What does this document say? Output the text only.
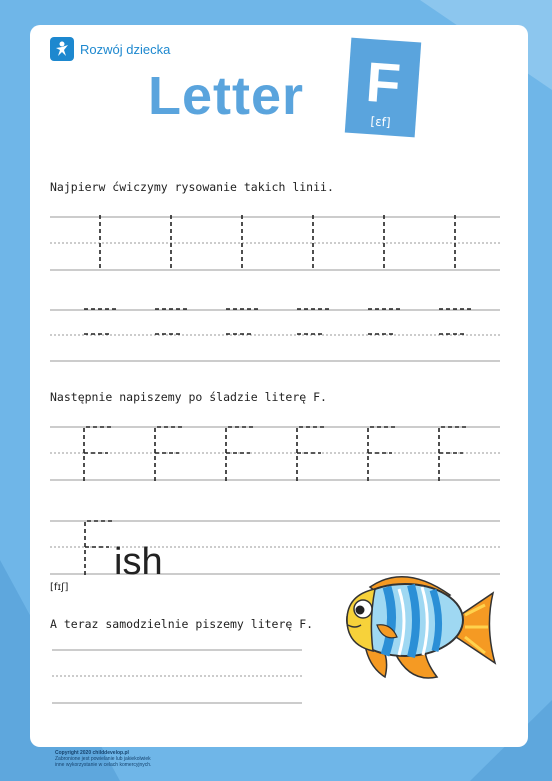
Rozwój dziecka
Letter	F
[ɛf]
Najpierw ćwiczymy rysowanie takich linii.
Następnie napiszemy po śladzie literę F.
ish
[fɪʃ]
A teraz samodzielnie piszemy literę F.
Copyright 2020 childdevelop.pl
Zabronione jest powielanie lub jakiekolwiek
inne wykorzystanie w celach komercyjnych.
